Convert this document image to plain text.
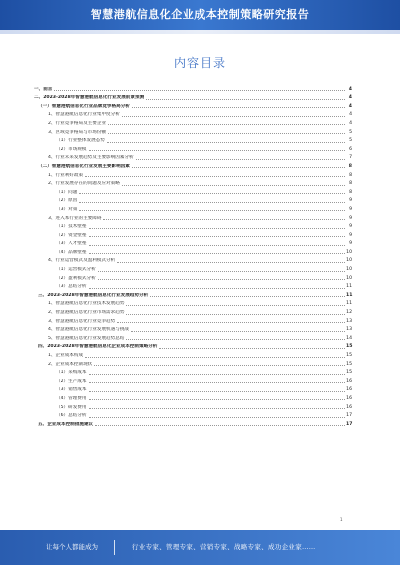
智慧港航信息化企业成本控制策略研究报告
内容目录
一、前言	4
二、2023-2028年智慧港航信息化行业发展前景预测	4
（一）智慧港航信息化行业品牌竞争格局分析	4
1、智慧港航信息化行业集中度分析	4
2、行业竞争格局及主要企业	4
3、区域竞争格局与市场份额	5
（1）行业整体发展态势	5
（2）市场规模	6
4、行业未来发展趋势及主要影响因素分析	7
（二）智慧港航信息化行业发展主要影响因素	8
1、行业利好政策	8
2、行业发展存在的问题及应对策略	8
（1）问题	8
（2）原因	9
（3）对策	9
3、进入本行业的主要障碍	9
（1）技术壁垒	9
（2）资金壁垒	9
（3）人才壁垒	9
（4）品牌壁垒	10
4、行业运营模式及盈利模式分析	10
（1）运营模式分析	10
（2）盈利模式分析	10
（3）总结分析	11
三、2023-2028年智慧港航信息化行业发展趋势分析	11
1、智慧港航信息化行业技术发展趋势	11
2、智慧港航信息化行业市场需求趋势	12
3、智慧港航信息化行业竞争趋势	13
4、智慧港航信息化行业发展机遇与挑战	13
5、智慧港航信息化行业发展趋势总结	14
四、2023-2028年智慧港航信息化企业成本控制策略分析	15
1、企业成本构成	15
2、企业成本控制现状	15
（1）采购成本	15
（2）生产成本	16
（3）销售成本	16
（4）管理费用	16
（5）研发费用	16
（6）总结分析	17
五、企业成本控制措施建议	17
1
让每个人都能成为	行业专家、管理专家、营销专家、战略专家、成功企业家……
